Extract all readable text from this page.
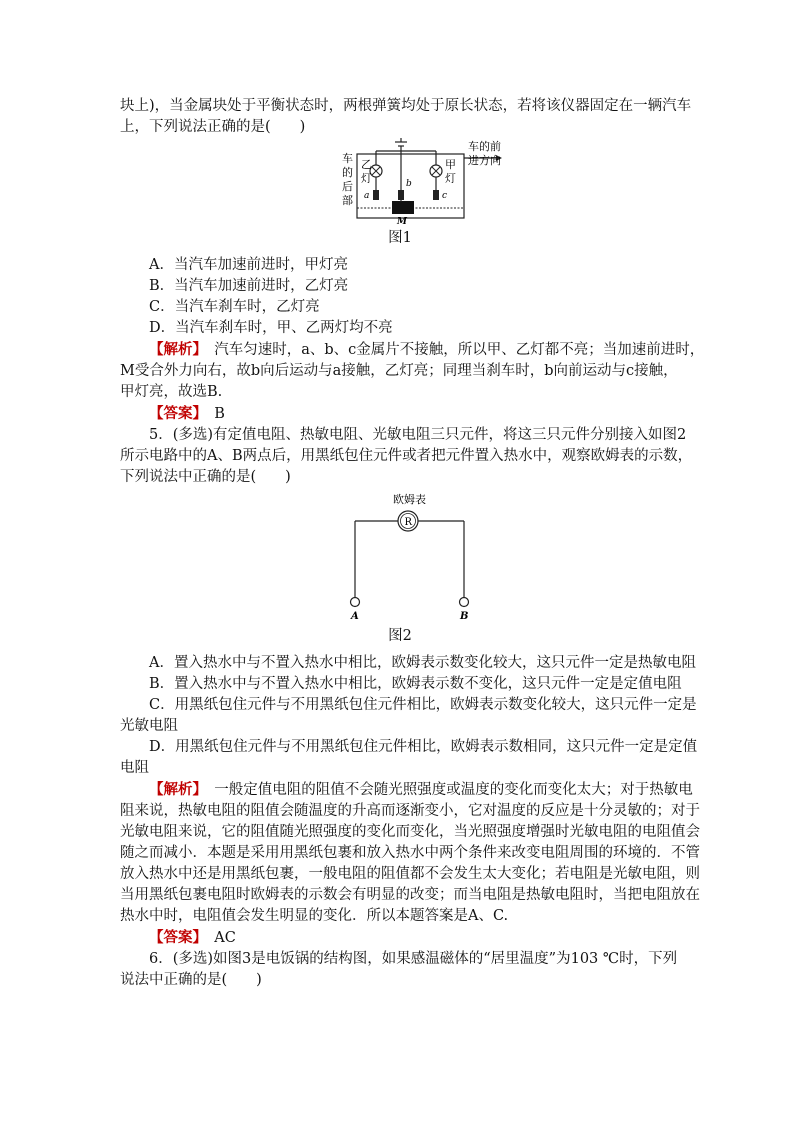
块上)，当金属块处于平衡状态时，两根弹簧均处于原长状态，若将该仪器固定在一辆汽车
上，下列说法正确的是(　　)
车
的
后
部
车的前
进方向
乙
灯
甲
灯
a
b
c
M
图1
A．当汽车加速前进时，甲灯亮
B．当汽车加速前进时，乙灯亮
C．当汽车刹车时，乙灯亮
D．当汽车刹车时，甲、乙两灯均不亮
【解析】　汽车匀速时，a、b、c金属片不接触，所以甲、乙灯都不亮；当加速前进时，
M受合外力向右，故b向后运动与a接触，乙灯亮；同理当刹车时，b向前运动与c接触，
甲灯亮，故选B.
【答案】　B
5．(多选)有定值电阻、热敏电阻、光敏电阻三只元件，将这三只元件分别接入如图2
所示电路中的A、B两点后，用黑纸包住元件或者把元件置入热水中，观察欧姆表的示数，
下列说法中正确的是(　　)
欧姆表
R
A	B
图2
A．置入热水中与不置入热水中相比，欧姆表示数变化较大，这只元件一定是热敏电阻
B．置入热水中与不置入热水中相比，欧姆表示数不变化，这只元件一定是定值电阻
C．用黑纸包住元件与不用黑纸包住元件相比，欧姆表示数变化较大，这只元件一定是
光敏电阻
D．用黑纸包住元件与不用黑纸包住元件相比，欧姆表示数相同，这只元件一定是定值
电阻
【解析】　一般定值电阻的阻值不会随光照强度或温度的变化而变化太大；对于热敏电
阻来说，热敏电阻的阻值会随温度的升高而逐渐变小，它对温度的反应是十分灵敏的；对于
光敏电阻来说，它的阻值随光照强度的变化而变化，当光照强度增强时光敏电阻的电阻值会
随之而减小．本题是采用用黑纸包裹和放入热水中两个条件来改变电阻周围的环境的．不管
放入热水中还是用黑纸包裹，一般电阻的阻值都不会发生太大变化；若电阻是光敏电阻，则
当用黑纸包裹电阻时欧姆表的示数会有明显的改变；而当电阻是热敏电阻时，当把电阻放在
热水中时，电阻值会发生明显的变化．所以本题答案是A、C.
【答案】　AC
6．(多选)如图3是电饭锅的结构图，如果感温磁体的“居里温度”为103 ℃时，下列
说法中正确的是(　　)
